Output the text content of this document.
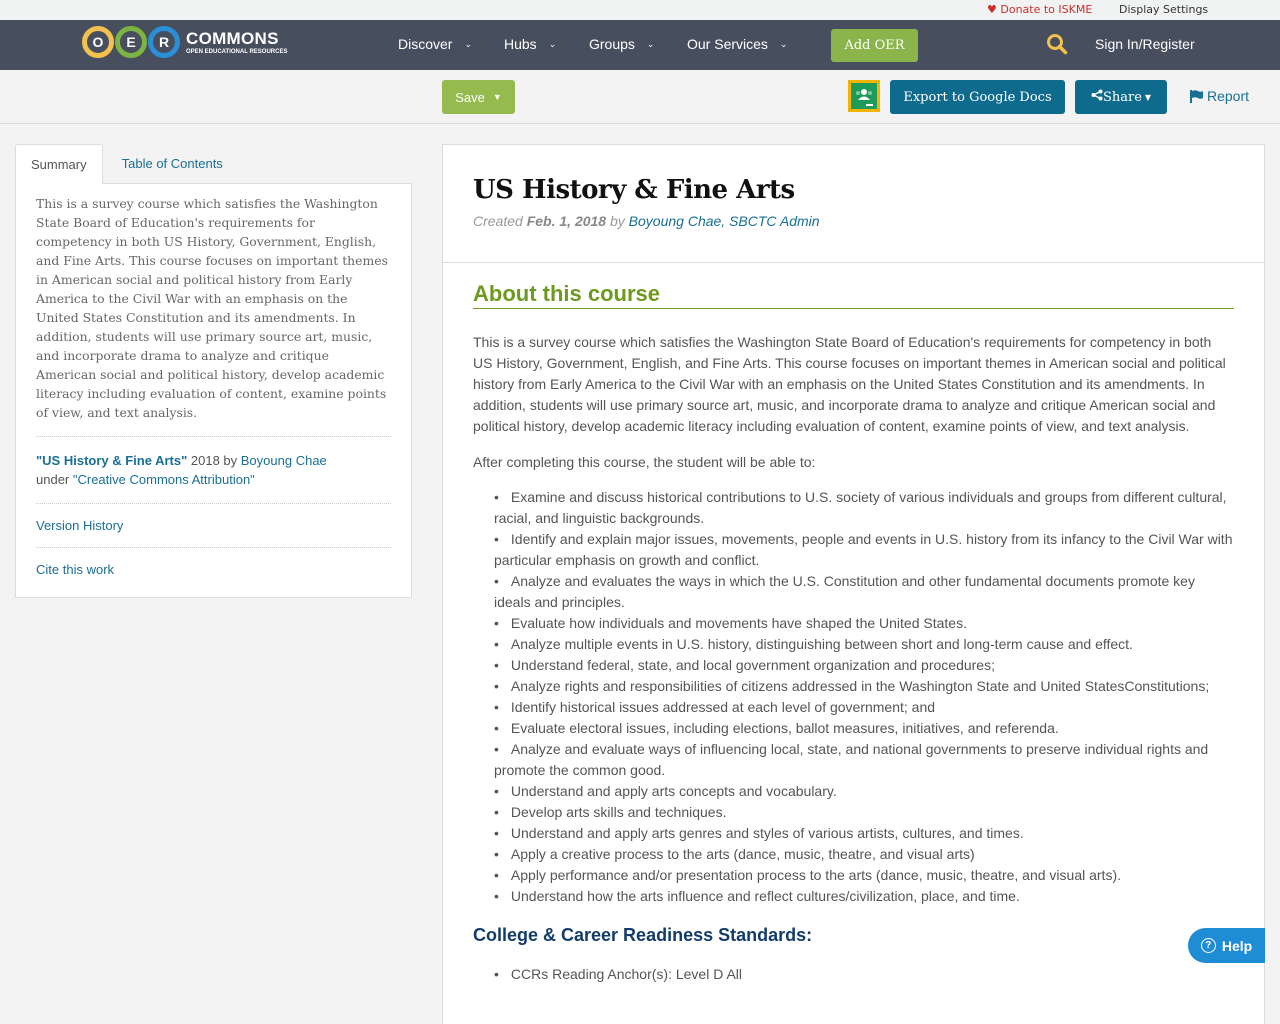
♥ Donate to ISKME Display Settings
O	E	R COMMONS
OPEN EDUCATIONAL RESOURCES	Discover ⌄ Hubs ⌄ Groups ⌄ Our Services ⌄	Add OER	Sign In/Register
Save ▼	Export to Google Docs	Share ▼	Report
Summary	Table of Contents

This is a survey course which satisfies the Washington State Board of Education's requirements for competency in both US History, Government, English, and Fine Arts. This course focuses on important themes in American social and political history from Early America to the Civil War with an emphasis on the United States Constitution and its amendments. In addition, students will use primary source art, music, and incorporate drama to analyze and critique American social and political history, develop academic literacy including evaluation of content, examine points of view, and text analysis.

"US History & Fine Arts" 2018 by Boyoung Chae
under "Creative Commons Attribution"
Version History
Cite this work
US History & Fine Arts
Created Feb. 1, 2018 by Boyoung Chae, SBCTC Admin
About this course

This is a survey course which satisfies the Washington State Board of Education's requirements for competency in both US History, Government, English, and Fine Arts. This course focuses on important themes in American social and political history from Early America to the Civil War with an emphasis on the United States Constitution and its amendments. In addition, students will use primary source art, music, and incorporate drama to analyze and critique American social and political history, develop academic literacy including evaluation of content, examine points of view, and text analysis.

After completing this course, the student will be able to:

• Examine and discuss historical contributions to U.S. society of various individuals and groups from different cultural, racial, and linguistic backgrounds.
• Identify and explain major issues, movements, people and events in U.S. history from its infancy to the Civil War with particular emphasis on growth and conflict.
• Analyze and evaluates the ways in which the U.S. Constitution and other fundamental documents promote key ideals and principles.
• Evaluate how individuals and movements have shaped the United States.
• Analyze multiple events in U.S. history, distinguishing between short and long-term cause and effect.
• Understand federal, state, and local government organization and procedures;
• Analyze rights and responsibilities of citizens addressed in the Washington State and United StatesConstitutions;
• Identify historical issues addressed at each level of government; and
• Evaluate electoral issues, including elections, ballot measures, initiatives, and referenda.
• Analyze and evaluate ways of influencing local, state, and national governments to preserve individual rights and promote the common good.
• Understand and apply arts concepts and vocabulary.
• Develop arts skills and techniques.
• Understand and apply arts genres and styles of various artists, cultures, and times.
• Apply a creative process to the arts (dance, music, theatre, and visual arts)
• Apply performance and/or presentation process to the arts (dance, music, theatre, and visual arts).
• Understand how the arts influence and reflect cultures/civilization, place, and time.
College & Career Readiness Standards:
• CCRs Reading Anchor(s): Level D All
? Help
